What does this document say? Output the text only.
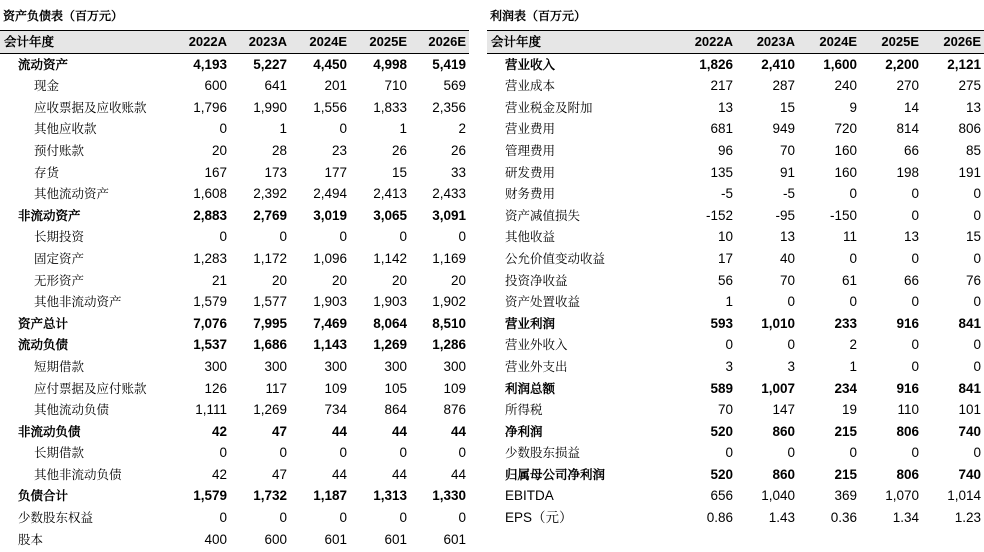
资产负债表（百万元）
会计年度	2022A	2023A	2024E	2025E	2026E
流动资产	4,193	5,227	4,450	4,998	5,419
现金	600	641	201	710	569
应收票据及应收账款	1,796	1,990	1,556	1,833	2,356
其他应收款	0	1	0	1	2
预付账款	20	28	23	26	26
存货	167	173	177	15	33
其他流动资产	1,608	2,392	2,494	2,413	2,433
非流动资产	2,883	2,769	3,019	3,065	3,091
长期投资	0	0	0	0	0
固定资产	1,283	1,172	1,096	1,142	1,169
无形资产	21	20	20	20	20
其他非流动资产	1,579	1,577	1,903	1,903	1,902
资产总计	7,076	7,995	7,469	8,064	8,510
流动负债	1,537	1,686	1,143	1,269	1,286
短期借款	300	300	300	300	300
应付票据及应付账款	126	117	109	105	109
其他流动负债	1,111	1,269	734	864	876
非流动负债	42	47	44	44	44
长期借款	0	0	0	0	0
其他非流动负债	42	47	44	44	44
负债合计	1,579	1,732	1,187	1,313	1,330
少数股东权益	0	0	0	0	0
股本	400	600	601	601	601
利润表（百万元）
会计年度	2022A	2023A	2024E	2025E	2026E
营业收入	1,826	2,410	1,600	2,200	2,121
营业成本	217	287	240	270	275
营业税金及附加	13	15	9	14	13
营业费用	681	949	720	814	806
管理费用	96	70	160	66	85
研发费用	135	91	160	198	191
财务费用	-5	-5	0	0	0
资产减值损失	-152	-95	-150	0	0
其他收益	10	13	11	13	15
公允价值变动收益	17	40	0	0	0
投资净收益	56	70	61	66	76
资产处置收益	1	0	0	0	0
营业利润	593	1,010	233	916	841
营业外收入	0	0	2	0	0
营业外支出	3	3	1	0	0
利润总额	589	1,007	234	916	841
所得税	70	147	19	110	101
净利润	520	860	215	806	740
少数股东损益	0	0	0	0	0
归属母公司净利润	520	860	215	806	740
EBITDA	656	1,040	369	1,070	1,014
EPS（元）	0.86	1.43	0.36	1.34	1.23
